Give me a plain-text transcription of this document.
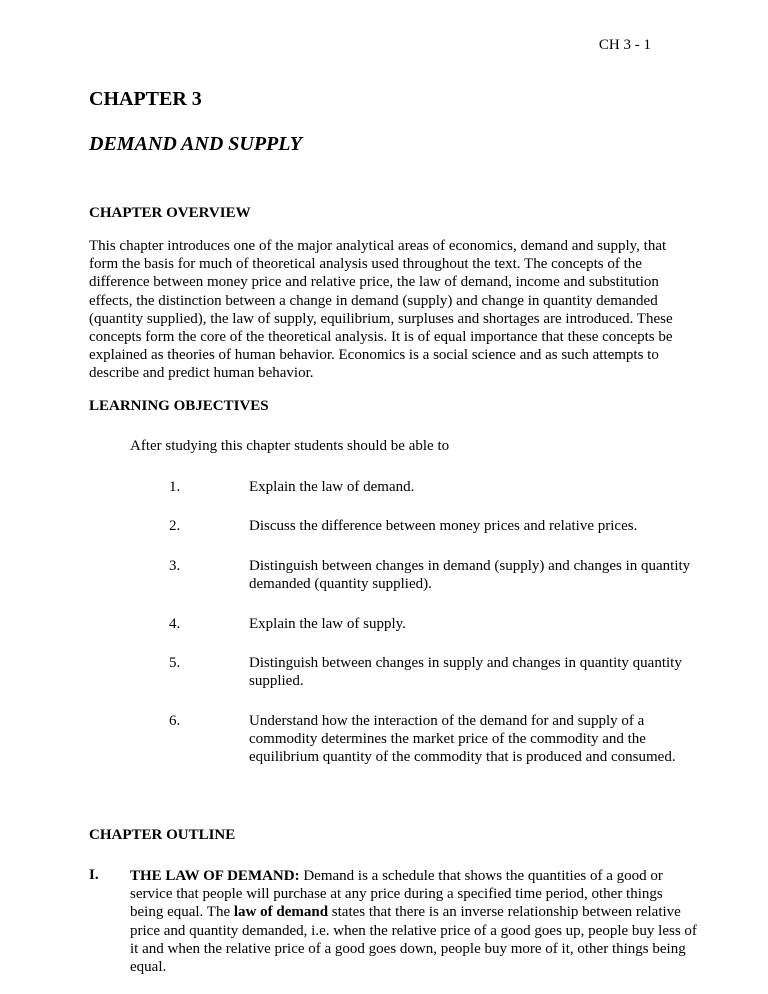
CH 3 - 1
CHAPTER 3
DEMAND AND SUPPLY
CHAPTER OVERVIEW
This chapter introduces one of the major analytical areas of economics, demand and supply, that form the basis for much of theoretical analysis used throughout the text. The concepts of the difference between money price and relative price, the law of demand, income and substitution effects, the distinction between a change in demand (supply) and change in quantity demanded (quantity supplied), the law of supply, equilibrium, surpluses and shortages are introduced. These concepts form the core of the theoretical analysis. It is of equal importance that these concepts be explained as theories of human behavior. Economics is a social science and as such attempts to describe and predict human behavior.
LEARNING OBJECTIVES
After studying this chapter students should be able to
1.	Explain the law of demand.
2.	Discuss the difference between money prices and relative prices.
3.	Distinguish between changes in demand (supply) and changes in quantity demanded (quantity supplied).
4.	Explain the law of supply.
5.	Distinguish between changes in supply and changes in quantity quantity supplied.
6.	Understand how the interaction of the demand for and supply of a commodity determines the market price of the commodity and the equilibrium quantity of the commodity that is produced and consumed.
CHAPTER OUTLINE
I. THE LAW OF DEMAND: Demand is a schedule that shows the quantities of a good or service that people will purchase at any price during a specified time period, other things being equal. The law of demand states that there is an inverse relationship between relative price and quantity demanded, i.e. when the relative price of a good goes up, people buy less of it and when the relative price of a good goes down, people buy more of it, other things being equal.
